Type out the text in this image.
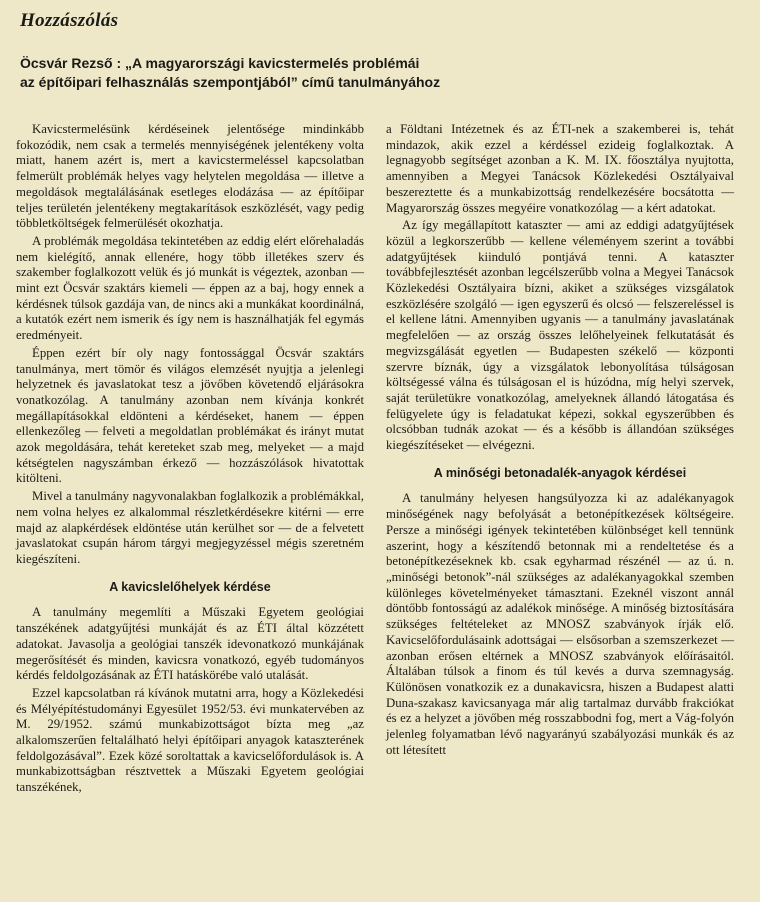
Hozzászólás
Öcsvár Rezső : „A magyarországi kavicstermelés problémái
az építőipari felhasználás szempontjából” című tanulmányához

Kavicstermelésünk kérdéseinek jelentősége mindinkább fokozódik, nem csak a termelés mennyiségének jelentékeny volta miatt, hanem azért is, mert a kavicstermeléssel kapcsolatban felmerült problémák helyes vagy helytelen megoldása — illetve a megoldások megtalálásának esetleges elodázása — az építőipar teljes területén jelentékeny megtakarítások eszközlését, vagy pedig többletköltségek felmerülését okozhatja.

A problémák megoldása tekintetében az eddig elért előrehaladás nem kielégítő, annak ellenére, hogy több illetékes szerv és szakember foglalkozott velük és jó munkát is végeztek, azonban — mint ezt Öcsvár szaktárs kiemeli — éppen az a baj, hogy ennek a kérdésnek túlsok gazdája van, de nincs aki a munkákat koordinálná, a kutatók ezért nem ismerik és így nem is használhatják fel egymás eredményeit.

Éppen ezért bír oly nagy fontossággal Öcsvár szaktárs tanulmánya, mert tömör és világos elemzését nyujtja a jelenlegi helyzetnek és javaslatokat tesz a jövőben követendő eljárásokra vonatkozólag. A tanulmány azonban nem kívánja konkrét megállapításokkal eldönteni a kérdéseket, hanem — éppen ellenkezőleg — felveti a megoldatlan problémákat és irányt mutat azok megoldására, tehát kereteket szab meg, melyeket — a majd kétségtelen nagyszámban érkező — hozzászólások hivatottak kitölteni.

Mivel a tanulmány nagyvonalakban foglalkozik a problémákkal, nem volna helyes ez alkalommal részletkérdésekre kitérni — erre majd az alapkérdések eldöntése után kerülhet sor — de a felvetett javaslatokat csupán három tárgyi megjegyzéssel mégis szeretném kiegészíteni.

A kavicslelőhelyek kérdése

A tanulmány megemlíti a Műszaki Egyetem geológiai tanszékének adatgyűjtési munkáját és az ÉTI által közzétett adatokat. Javasolja a geológiai tanszék idevonatkozó munkájának megerősítését és minden, kavicsra vonatkozó, egyéb tudományos kérdés feldolgozásának az ÉTI hatáskörébe való utalását.

Ezzel kapcsolatban rá kívánok mutatni arra, hogy a Közlekedési és Mélyépítéstudományi Egyesület 1952/53. évi munkatervében az M. 29/1952. számú munkabizottságot bízta meg „az alkalomszerűen feltalálható helyi építőipari anyagok kataszterének feldolgozásával”. Ezek közé soroltattak a kavicselőfordulások is. A munkabizottságban résztvettek a Műszaki Egyetem geológiai tanszékének,

a Földtani Intézetnek és az ÉTI-nek a szakemberei is, tehát mindazok, akik ezzel a kérdéssel ezideig foglalkoztak. A legnagyobb segítséget azonban a K. M. IX. főosztálya nyujtotta, amennyiben a Megyei Tanácsok Közlekedési Osztályaival beszereztette és a munkabizottság rendelkezésére bocsátotta — Magyarország összes megyéire vonatkozólag — a kért adatokat.

Az így megállapított kataszter — ami az eddigi adatgyűjtések közül a legkorszerűbb — kellene véleményem szerint a további adatgyűjtések kiinduló pontjává tenni. A kataszter továbbfejlesztését azonban legcélszerűbb volna a Megyei Tanácsok Közlekedési Osztályaira bízni, akiket a szükséges vizsgálatok eszközlésére szolgáló — igen egyszerű és olcsó — felszereléssel is el kellene látni. Amennyiben ugyanis — a tanulmány javaslatának megfelelően — az ország összes lelőhelyeinek felkutatását és megvizsgálását egyetlen — Budapesten székelő — központi szervre bíznák, úgy a vizsgálatok lebonyolítása túlságosan költségessé válna és túlságosan el is húzódna, míg helyi szervek, saját területükre vonatkozólag, amelyeknek állandó látogatása és felügyelete úgy is feladatukat képezi, sokkal egyszerűbben és olcsóbban tudnák azokat — és a később is állandóan szükséges kiegészítéseket — elvégezni.

A minőségi betonadalék-anyagok kérdései

A tanulmány helyesen hangsúlyozza ki az adalékanyagok minőségének nagy befolyását a betonépítkezések költségeire. Persze a minőségi igények tekintetében különbséget kell tennünk aszerint, hogy a készítendő betonnak mi a rendeltetése és a betonépítkezéseknek kb. csak egyharmad részénél — az ú. n. „minőségi betonok”-nál szükséges az adalékanyagokkal szemben különleges követelményeket támasztani. Ezeknél viszont annál döntőbb fontosságú az adalékok minősége. A minőség biztosítására szükséges feltételeket az MNOSZ szabványok írják elő. Kavicselőfordulásaink adottságai — elsősorban a szemszerkezet — azonban erősen eltérnek a MNOSZ szabványok előírásaitól. Általában túlsok a finom és túl kevés a durva szemnagyság. Különösen vonatkozik ez a dunakavicsra, hiszen a Budapest alatti Duna-szakasz kavicsanyaga már alig tartalmaz durvább frakciókat és ez a helyzet a jövőben még rosszabbodni fog, mert a Vág-folyón jelenleg folyamatban lévő nagyarányú szabályozási munkák és az ott létesített
